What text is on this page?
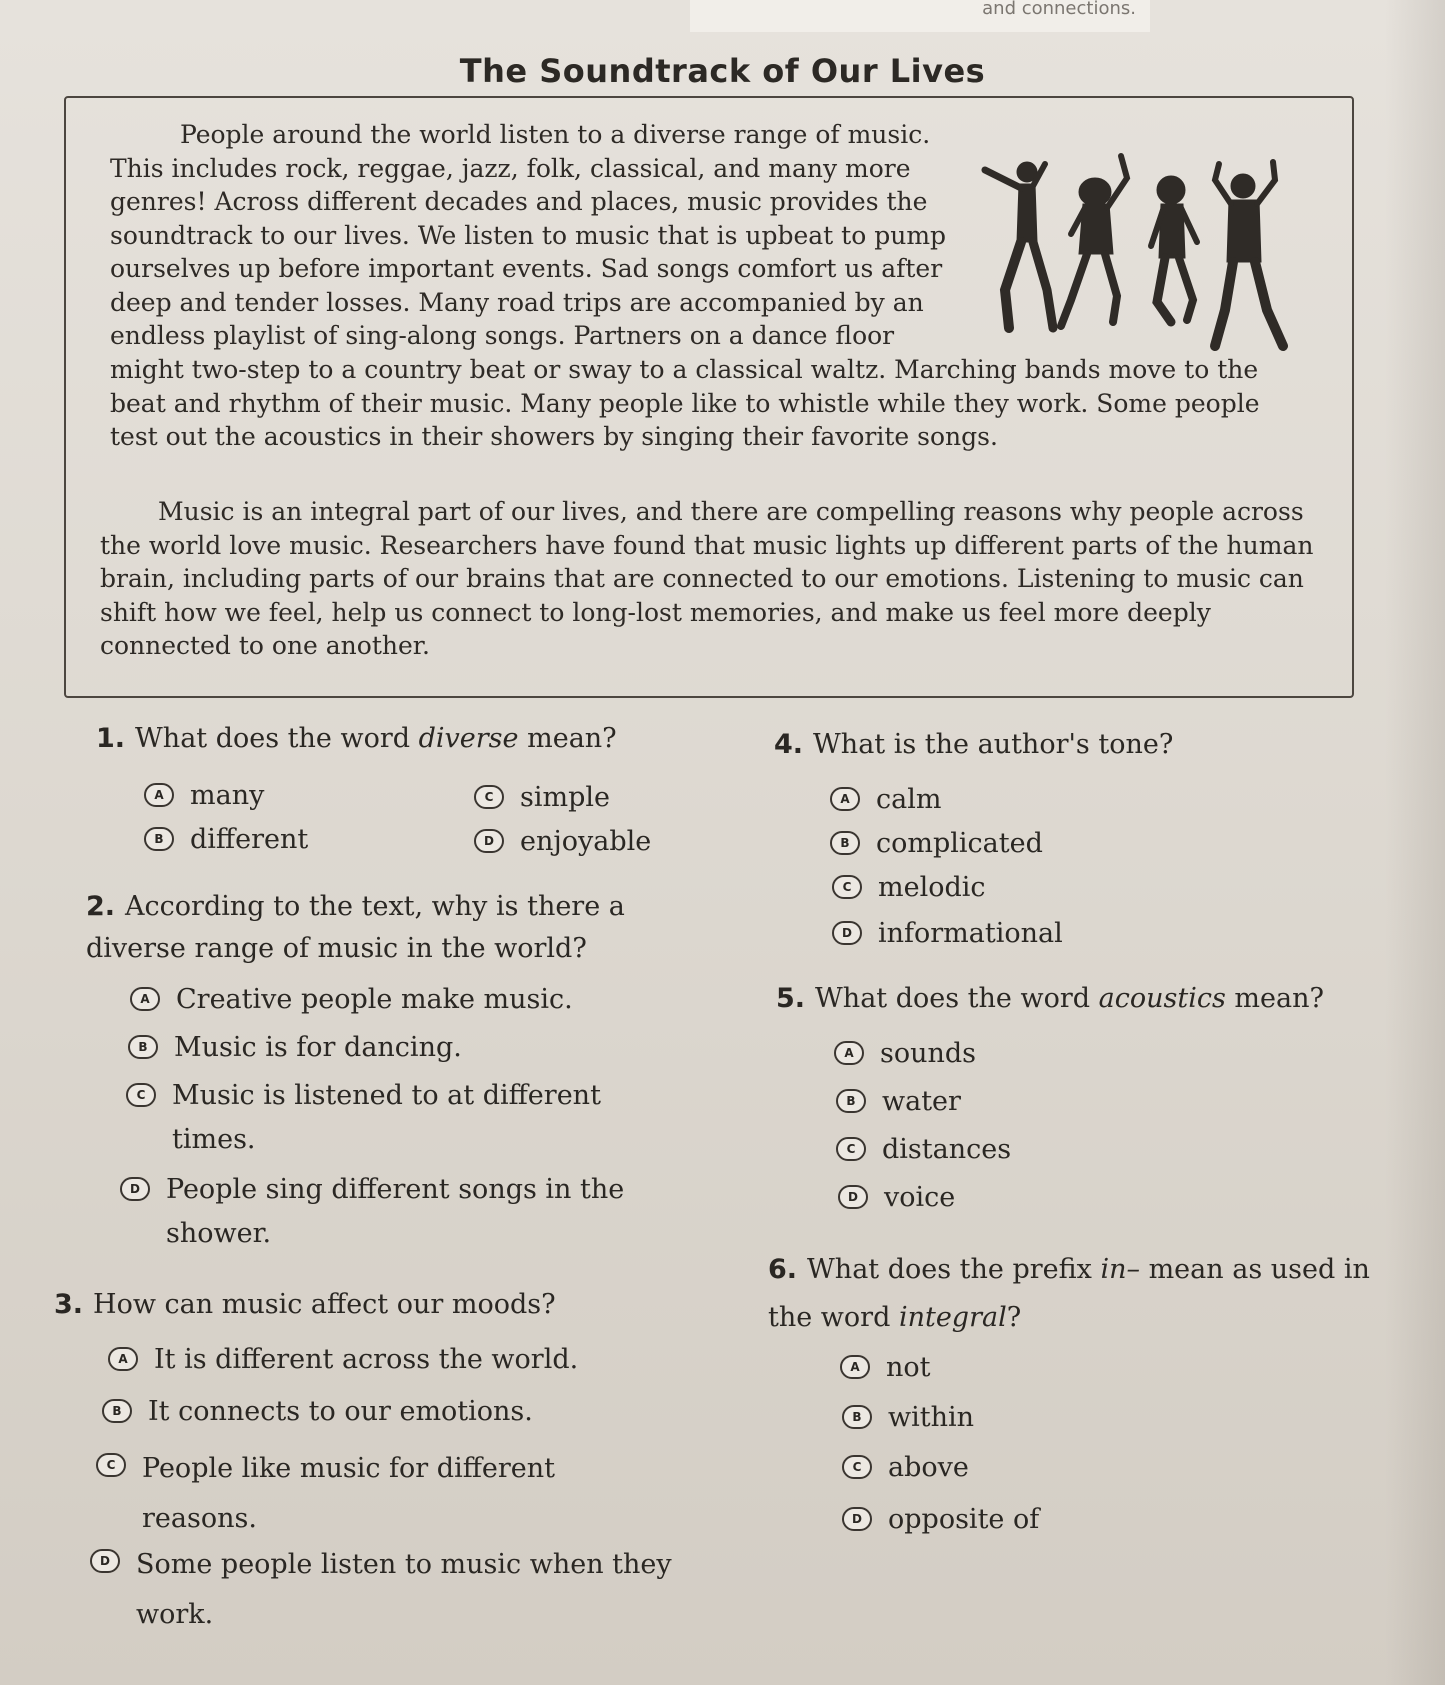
and connections.
The Soundtrack of Our Lives
People around the world listen to a diverse range of music. This includes rock, reggae, jazz, folk, classical, and many more genres! Across different decades and places, music provides the soundtrack to our lives. We listen to music that is upbeat to pump ourselves up before important events. Sad songs comfort us after deep and tender losses. Many road trips are accompanied by an endless playlist of sing-along songs. Partners on a dance floor
might two-step to a country beat or sway to a classical waltz. Marching bands move to the beat and rhythm of their music. Many people like to whistle while they work. Some people test out the acoustics in their showers by singing their favorite songs.
Music is an integral part of our lives, and there are compelling reasons why people across the world love music. Researchers have found that music lights up different parts of the human brain, including parts of our brains that are connected to our emotions. Listening to music can shift how we feel, help us connect to long-lost memories, and make us feel more deeply connected to one another.
1. What does the word diverse mean?
A many
B different
C simple
D enjoyable
2. According to the text, why is there a diverse range of music in the world?
A Creative people make music.
B Music is for dancing.
C Music is listened to at different times.
D People sing different songs in the shower.
3. How can music affect our moods?
A It is different across the world.
B It connects to our emotions.
C People like music for different reasons.
D Some people listen to music when they work.
4. What is the author's tone?
A calm
B complicated
C melodic
D informational
5. What does the word acoustics mean?
A sounds
B water
C distances
D voice
6. What does the prefix in– mean as used in the word integral?
A not
B within
C above
D opposite of
